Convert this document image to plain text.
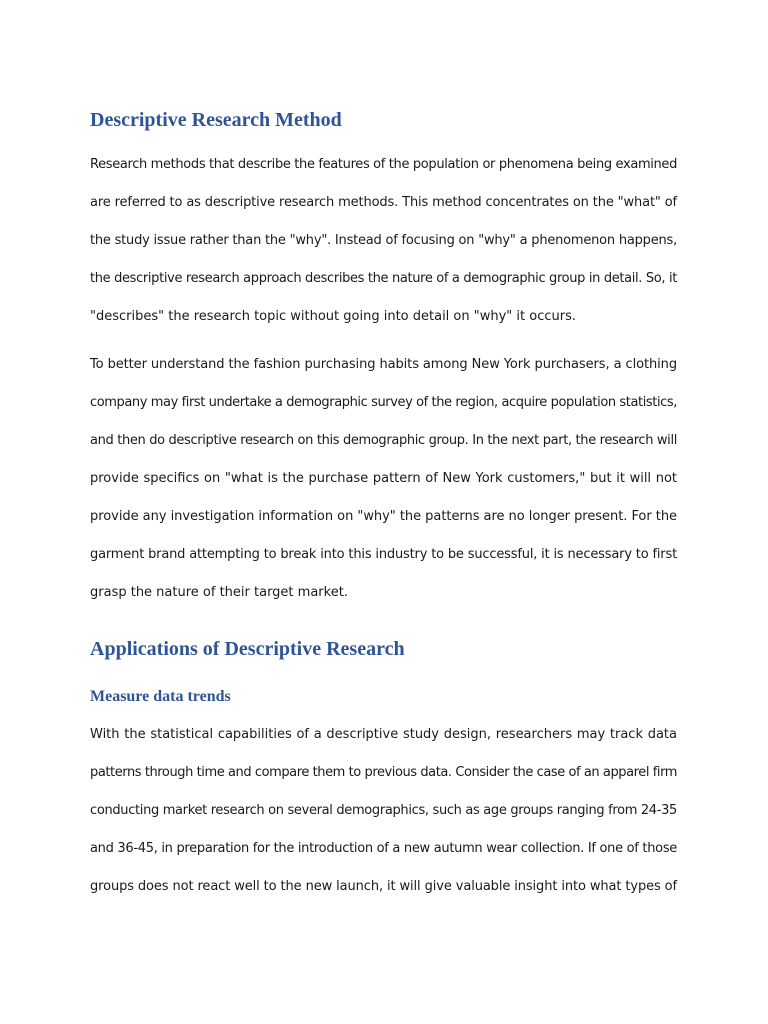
Descriptive Research Method
Research methods that describe the features of the population or phenomena being examined
are referred to as descriptive research methods. This method concentrates on the "what" of
the study issue rather than the "why". Instead of focusing on "why" a phenomenon happens,
the descriptive research approach describes the nature of a demographic group in detail. So, it
"describes" the research topic without going into detail on "why" it occurs.
To better understand the fashion purchasing habits among New York purchasers, a clothing
company may first undertake a demographic survey of the region, acquire population statistics,
and then do descriptive research on this demographic group. In the next part, the research will
provide specifics on "what is the purchase pattern of New York customers," but it will not
provide any investigation information on "why" the patterns are no longer present. For the
garment brand attempting to break into this industry to be successful, it is necessary to first
grasp the nature of their target market.
Applications of Descriptive Research
Measure data trends
With the statistical capabilities of a descriptive study design, researchers may track data
patterns through time and compare them to previous data. Consider the case of an apparel firm
conducting market research on several demographics, such as age groups ranging from 24-35
and 36-45, in preparation for the introduction of a new autumn wear collection. If one of those
groups does not react well to the new launch, it will give valuable insight into what types of
